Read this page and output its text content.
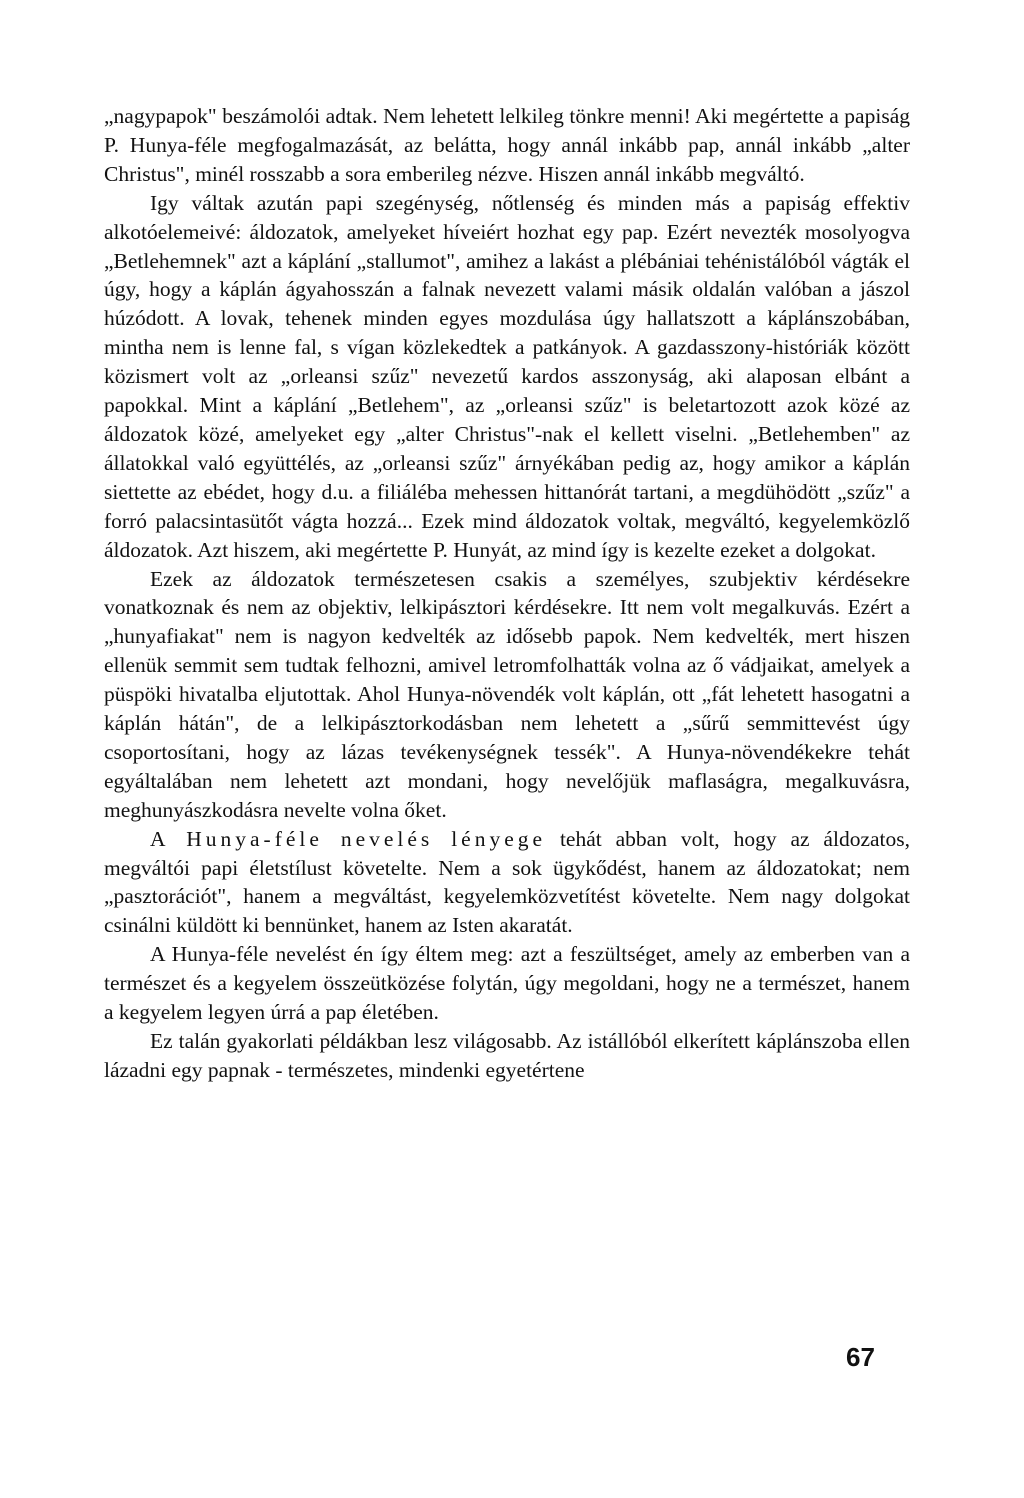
„nagypapok" beszámolói adtak. Nem lehetett lelkileg tönkre menni! Aki megértette a papiság P. Hunya-féle megfogalmazását, az belátta, hogy annál inkább pap, annál inkább „alter Christus", minél rosszabb a sora emberileg nézve. Hiszen annál inkább megváltó.

Igy váltak azután papi szegénység, nőtlenség és minden más a papiság effektiv alkotóelemeivé: áldozatok, amelyeket híveiért hozhat egy pap. Ezért nevezték mosolyogva „Betlehemnek" azt a káplání „stallumot", amihez a lakást a plébániai tehénistálóból vágták el úgy, hogy a káplán ágyahosszán a falnak nevezett valami másik oldalán valóban a jászol húzódott. A lovak, tehenek minden egyes mozdulása úgy hallatszott a káplánszobában, mintha nem is lenne fal, s vígan közlekedtek a patkányok. A gazdasszony-históriák között közismert volt az „orleansi szűz" nevezetű kardos asszonyság, aki alaposan elbánt a papokkal. Mint a káplání „Betlehem", az „orleansi szűz" is beletartozott azok közé az áldozatok közé, amelyeket egy „alter Christus"-nak el kellett viselni. „Betlehemben" az állatokkal való együttélés, az „orleansi szűz" árnyékában pedig az, hogy amikor a káplán siettette az ebédet, hogy d.u. a filiáléba mehessen hittanórát tartani, a megdühödött „szűz" a forró palacsintasütőt vágta hozzá... Ezek mind áldozatok voltak, megváltó, kegyelemközlő áldozatok. Azt hiszem, aki megértette P. Hunyát, az mind így is kezelte ezeket a dolgokat.

Ezek az áldozatok természetesen csakis a személyes, szubjektiv kérdésekre vonatkoznak és nem az objektiv, lelkipásztori kérdésekre. Itt nem volt megalkuvás. Ezért a „hunyafiakat" nem is nagyon kedvelték az idősebb papok. Nem kedvelték, mert hiszen ellenük semmit sem tudtak felhozni, amivel letromfolhatták volna az ő vádjaikat, amelyek a püspöki hivatalba eljutottak. Ahol Hunya-növendék volt káplán, ott „fát lehetett hasogatni a káplán hátán", de a lelkipásztorkodásban nem lehetett a „sűrű semmittevést úgy csoportosítani, hogy az lázas tevékenységnek tessék". A Hunya-növendékekre tehát egyáltalában nem lehetett azt mondani, hogy nevelőjük maflaságra, megalkuvásra, meghunyászkodásra nevelte volna őket.

A Hunya-féle nevelés lényege tehát abban volt, hogy az áldozatos, megváltói papi életstílust követelte. Nem a sok ügykődést, hanem az áldozatokat; nem „pasztorációt", hanem a megváltást, kegyelemközvetítést követelte. Nem nagy dolgokat csinálni küldött ki bennünket, hanem az Isten akaratát.

A Hunya-féle nevelést én így éltem meg: azt a feszültséget, amely az emberben van a természet és a kegyelem összeütközése folytán, úgy megoldani, hogy ne a természet, hanem a kegyelem legyen úrrá a pap életében.

Ez talán gyakorlati példákban lesz világosabb. Az istállóból elkerített káplánszoba ellen lázadni egy papnak - természetes, mindenki egyetértene

67
